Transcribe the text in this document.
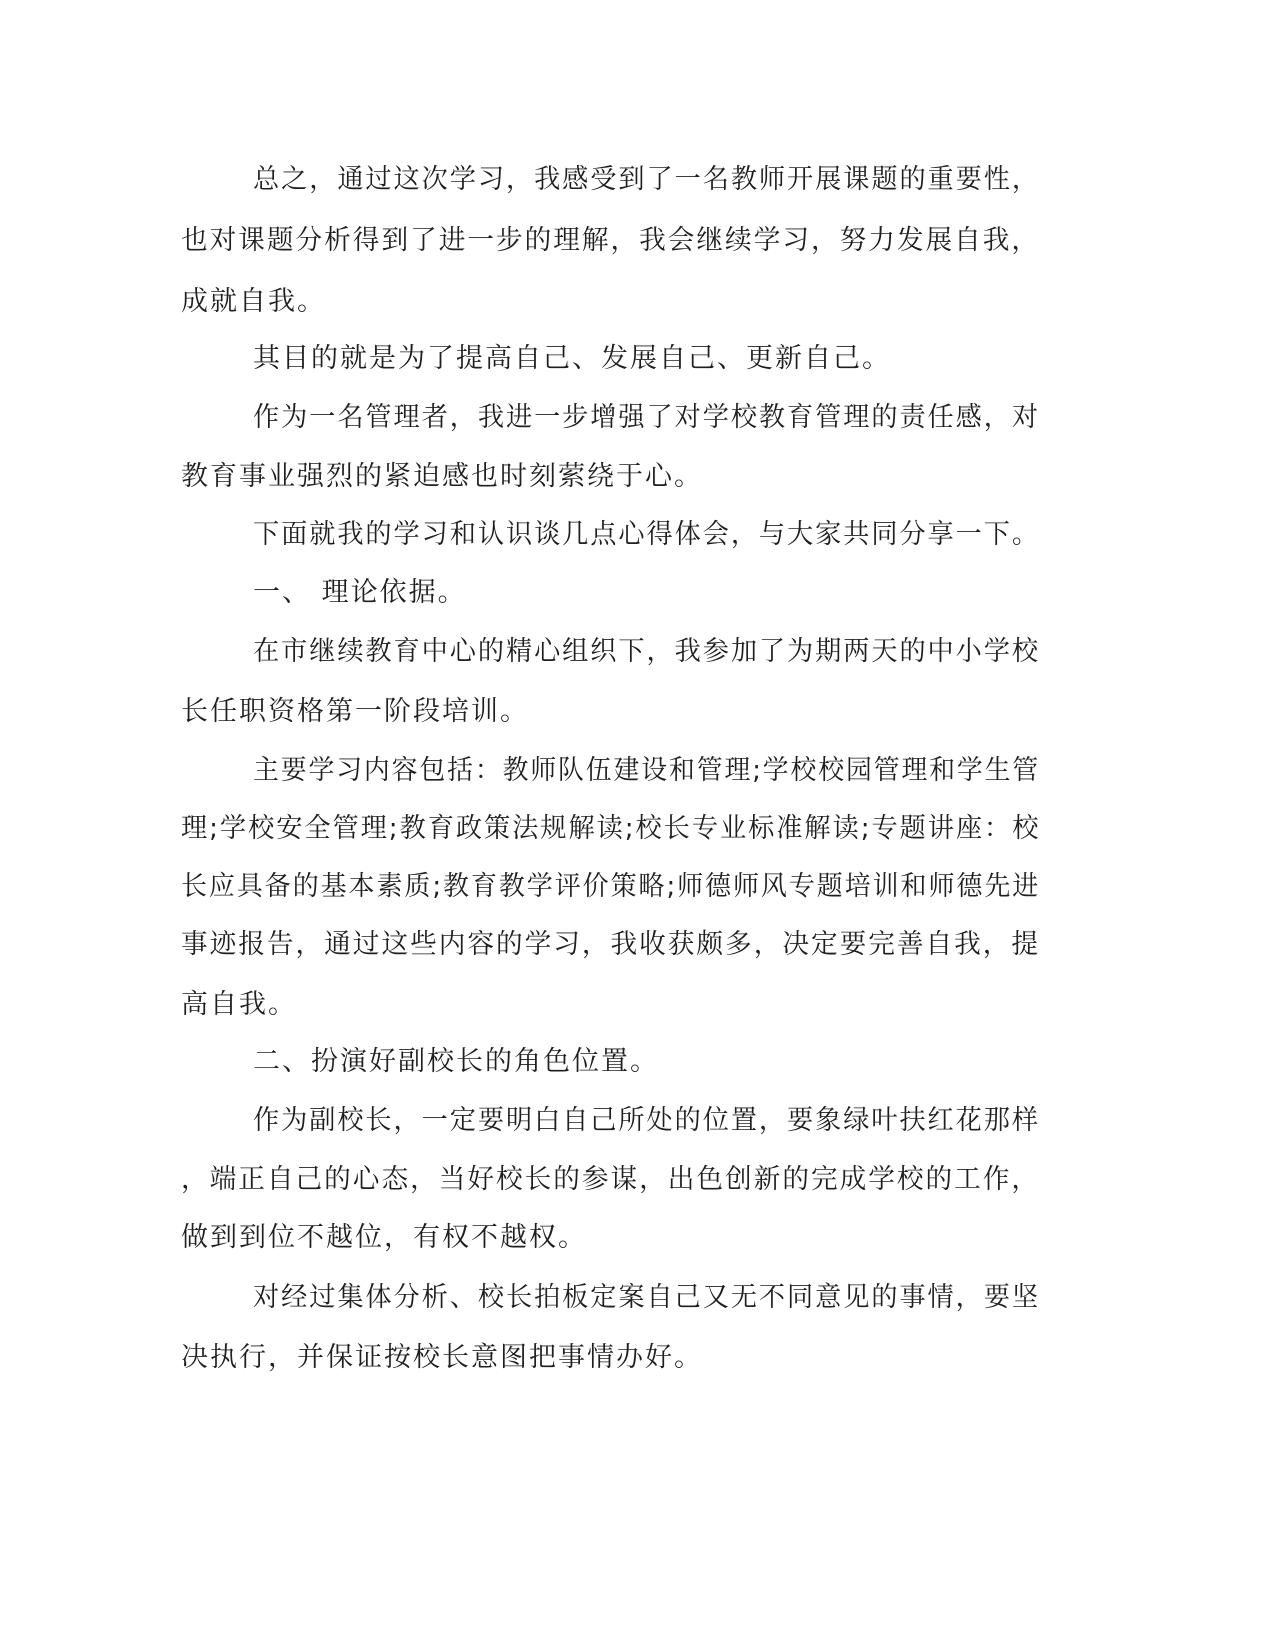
总之，通过这次学习，我感受到了一名教师开展课题的重要性，

也对课题分析得到了进一步的理解，我会继续学习，努力发展自我，

成就自我。

其目的就是为了提高自己、发展自己、更新自己。

作为一名管理者，我进一步增强了对学校教育管理的责任感，对

教育事业强烈的紧迫感也时刻萦绕于心。

下面就我的学习和认识谈几点心得体会，与大家共同分享一下。

一、 理论依据。

在市继续教育中心的精心组织下，我参加了为期两天的中小学校

长任职资格第一阶段培训。

主要学习内容包括：教师队伍建设和管理;学校校园管理和学生管

理;学校安全管理;教育政策法规解读;校长专业标准解读;专题讲座：校

长应具备的基本素质;教育教学评价策略;师德师风专题培训和师德先进

事迹报告，通过这些内容的学习，我收获颇多，决定要完善自我，提

高自我。

二、扮演好副校长的角色位置。

作为副校长，一定要明白自己所处的位置，要象绿叶扶红花那样

，端正自己的心态，当好校长的参谋，出色创新的完成学校的工作，

做到到位不越位，有权不越权。

对经过集体分析、校长拍板定案自己又无不同意见的事情，要坚

决执行，并保证按校长意图把事情办好。
